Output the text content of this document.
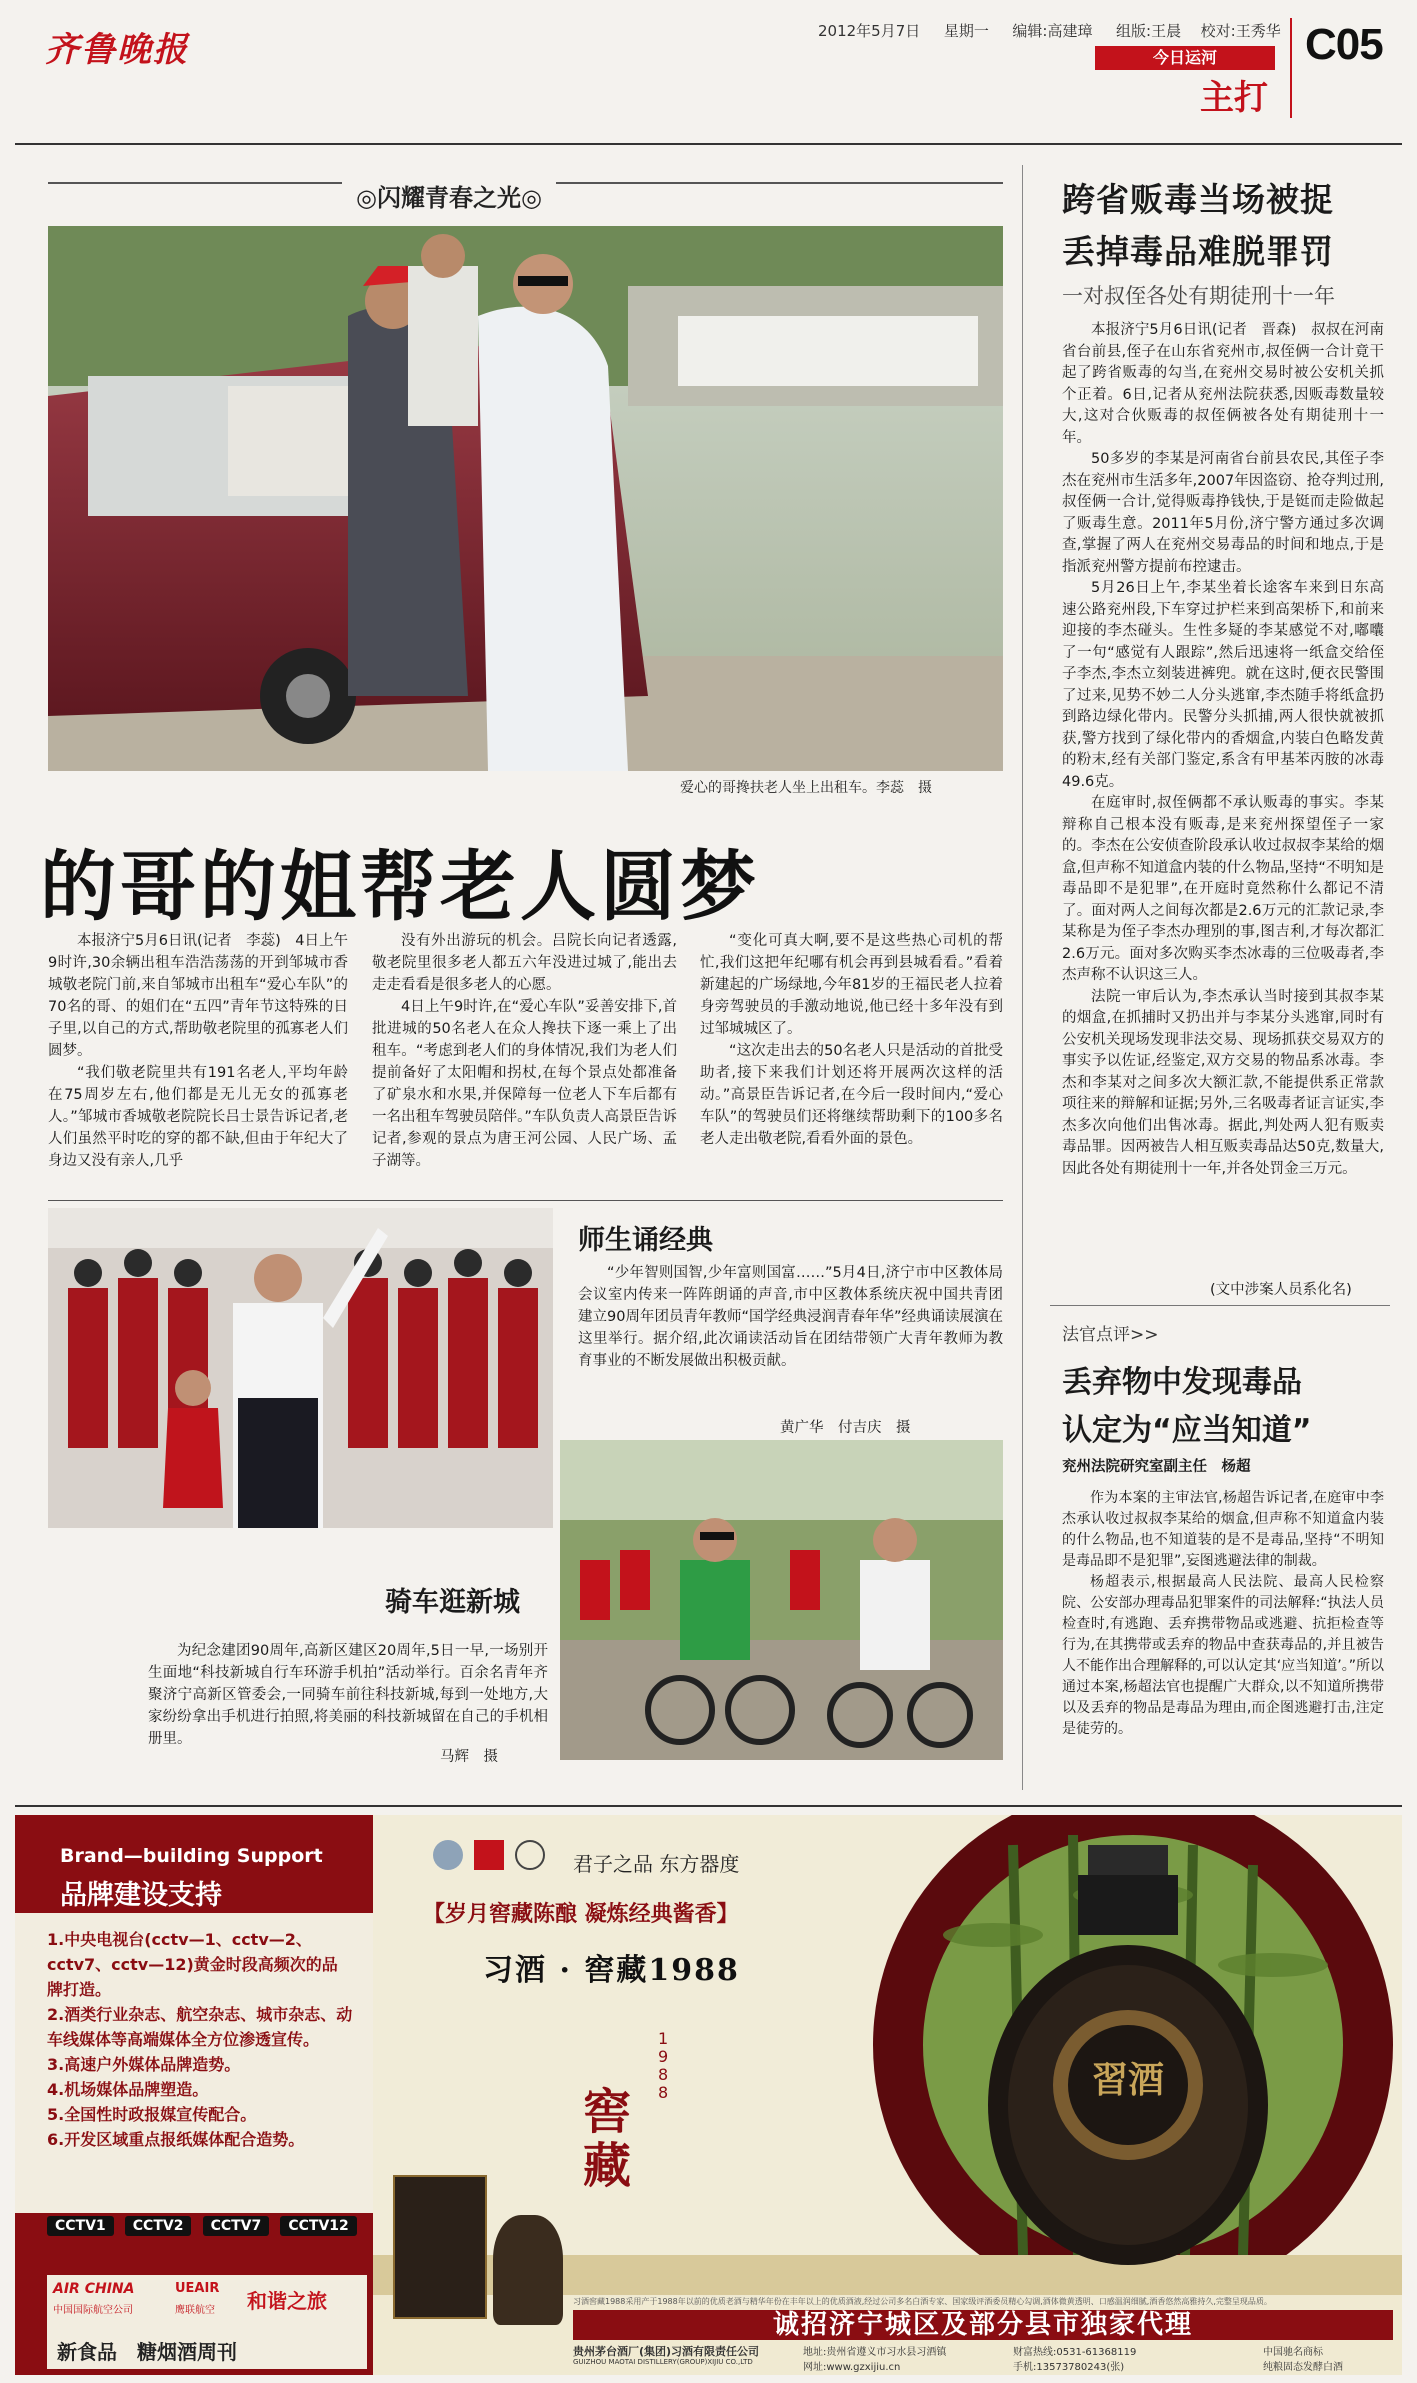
齐鲁晚报	2012年5月7日 星期一 编辑:高建璋 组版:王晨 校对:王秀华
今日运河
主打
C05
◎闪耀青春之光◎
爱心的哥搀扶老人坐上出租车。李蕊　摄
的哥的姐帮老人圆梦

本报济宁5月6日讯(记者　李蕊)　4日上午9时许,30余辆出租车浩浩荡荡的开到邹城市香城敬老院门前,来自邹城市出租车“爱心车队”的70名的哥、的姐们在“五四”青年节这特殊的日子里,以自己的方式,帮助敬老院里的孤寡老人们圆梦。

“我们敬老院里共有191名老人,平均年龄在75周岁左右,他们都是无儿无女的孤寡老人。”邹城市香城敬老院院长吕士景告诉记者,老人们虽然平时吃的穿的都不缺,但由于年纪大了身边又没有亲人,几乎

没有外出游玩的机会。吕院长向记者透露,敬老院里很多老人都五六年没进过城了,能出去走走看看是很多老人的心愿。

4日上午9时许,在“爱心车队”妥善安排下,首批进城的50名老人在众人搀扶下逐一乘上了出租车。“考虑到老人们的身体情况,我们为老人们提前备好了太阳帽和拐杖,在每个景点处都准备了矿泉水和水果,并保障每一位老人下车后都有一名出租车驾驶员陪伴。”车队负责人高景臣告诉记者,参观的景点为唐王河公园、人民广场、孟子湖等。

“变化可真大啊,要不是这些热心司机的帮忙,我们这把年纪哪有机会再到县城看看。”看着新建起的广场绿地,今年81岁的王福民老人拉着身旁驾驶员的手激动地说,他已经十多年没有到过邹城城区了。

“这次走出去的50名老人只是活动的首批受助者,接下来我们计划还将开展两次这样的活动。”高景臣告诉记者,在今后一段时间内,“爱心车队”的驾驶员们还将继续帮助剩下的100多名老人走出敬老院,看看外面的景色。

师生诵经典

“少年智则国智,少年富则国富……”5月4日,济宁市中区教体局会议室内传来一阵阵朗诵的声音,市中区教体系统庆祝中国共青团建立90周年团员青年教师“国学经典浸润青春年华”经典诵读展演在这里举行。据介绍,此次诵读活动旨在团结带领广大青年教师为教育事业的不断发展做出积极贡献。

黄广华　付吉庆　摄
骑车逛新城

为纪念建团90周年,高新区建区20周年,5日一早,一场别开生面地“科技新城自行车环游手机拍”活动举行。百余名青年齐聚济宁高新区管委会,一同骑车前往科技新城,每到一处地方,大家纷纷拿出手机进行拍照,将美丽的科技新城留在自己的手机相册里。

马辉　摄
跨省贩毒当场被捉
丢掉毒品难脱罪罚
一对叔侄各处有期徒刑十一年

本报济宁5月6日讯(记者　晋森)　叔叔在河南省台前县,侄子在山东省兖州市,叔侄俩一合计竟干起了跨省贩毒的勾当,在兖州交易时被公安机关抓个正着。6日,记者从兖州法院获悉,因贩毒数量较大,这对合伙贩毒的叔侄俩被各处有期徒刑十一年。

50多岁的李某是河南省台前县农民,其侄子李杰在兖州市生活多年,2007年因盗窃、抢夺判过刑,叔侄俩一合计,觉得贩毒挣钱快,于是铤而走险做起了贩毒生意。2011年5月份,济宁警方通过多次调查,掌握了两人在兖州交易毒品的时间和地点,于是指派兖州警方提前布控逮击。

5月26日上午,李某坐着长途客车来到日东高速公路兖州段,下车穿过护栏来到高架桥下,和前来迎接的李杰碰头。生性多疑的李某感觉不对,嘟囔了一句“感觉有人跟踪”,然后迅速将一纸盒交给侄子李杰,李杰立刻装进裤兜。就在这时,便衣民警围了过来,见势不妙二人分头逃窜,李杰随手将纸盒扔到路边绿化带内。民警分头抓捕,两人很快就被抓获,警方找到了绿化带内的香烟盒,内装白色略发黄的粉末,经有关部门鉴定,系含有甲基苯丙胺的冰毒49.6克。

在庭审时,叔侄俩都不承认贩毒的事实。李某辩称自己根本没有贩毒,是来兖州探望侄子一家的。李杰在公安侦查阶段承认收过叔叔李某给的烟盒,但声称不知道盒内装的什么物品,坚持“不明知是毒品即不是犯罪”,在开庭时竟然称什么都记不清了。面对两人之间每次都是2.6万元的汇款记录,李某称是为侄子李杰办理别的事,图吉利,才每次都汇2.6万元。面对多次购买李杰冰毒的三位吸毒者,李杰声称不认识这三人。

法院一审后认为,李杰承认当时接到其叔李某的烟盒,在抓捕时又扔出并与李某分头逃窜,同时有公安机关现场发现非法交易、现场抓获交易双方的事实予以佐证,经鉴定,双方交易的物品系冰毒。李杰和李某对之间多次大额汇款,不能提供系正常款项往来的辩解和证据;另外,三名吸毒者证言证实,李杰多次向他们出售冰毒。据此,判处两人犯有贩卖毒品罪。因两被告人相互贩卖毒品达50克,数量大,因此各处有期徒刑十一年,并各处罚金三万元。

(文中涉案人员系化名)
法官点评>>
丢弃物中发现毒品
认定为“应当知道”
兖州法院研究室副主任　杨超

作为本案的主审法官,杨超告诉记者,在庭审中李杰承认收过叔叔李某给的烟盒,但声称不知道盒内装的什么物品,也不知道装的是不是毒品,坚持“不明知是毒品即不是犯罪”,妄图逃避法律的制裁。

杨超表示,根据最高人民法院、最高人民检察院、公安部办理毒品犯罪案件的司法解释:“执法人员检查时,有逃跑、丢弃携带物品或逃避、抗拒检查等行为,在其携带或丢弃的物品中查获毒品的,并且被告人不能作出合理解释的,可以认定其‘应当知道’。”所以通过本案,杨超法官也提醒广大群众,以不知道所携带以及丢弃的物品是毒品为理由,而企图逃避打击,注定是徒劳的。

Brand—building Support
品牌建设支持
1.中央电视台(cctv—1、cctv—2、cctv7、cctv—12)黄金时段高频次的品牌打造。
2.酒类行业杂志、航空杂志、城市杂志、动车线媒体等高端媒体全方位渗透宣传。
3.高速户外媒体品牌造势。
4.机场媒体品牌塑造。
5.全国性时政报媒宣传配合。
6.开发区域重点报纸媒体配合造势。
CCTV1 CCTV2 CCTV7 CCTV12
AIR CHINA
中国国际航空公司
UEAIR
鹰联航空 和谐之旅
新食品　糖烟酒周刊

君子之品 东方器度
【岁月窖藏陈酿 凝炼经典酱香】
习酒 · 窖藏1988
窖藏
1988	習酒
习酒窖藏1988采用产于1988年以前的优质老酒与精华年份在丰年以上的优质酒液,经过公司多名白酒专家、国家级评酒委员精心勾调,酒体微黄透明、口感温润细腻,酒香悠然高雅持久,完整呈现品质。
诚招济宁城区及部分县市独家代理
贵州茅台酒厂(集团)习酒有限责任公司
GUIZHOU MAOTAI DISTILLERY(GROUP)XIJIU CO.,LTD
地址:贵州省遵义市习水县习酒镇
网址:www.gzxijiu.cn
财富热线:0531-61368119
手机:13573780243(张)
中国驰名商标
纯粮固态发酵白酒
